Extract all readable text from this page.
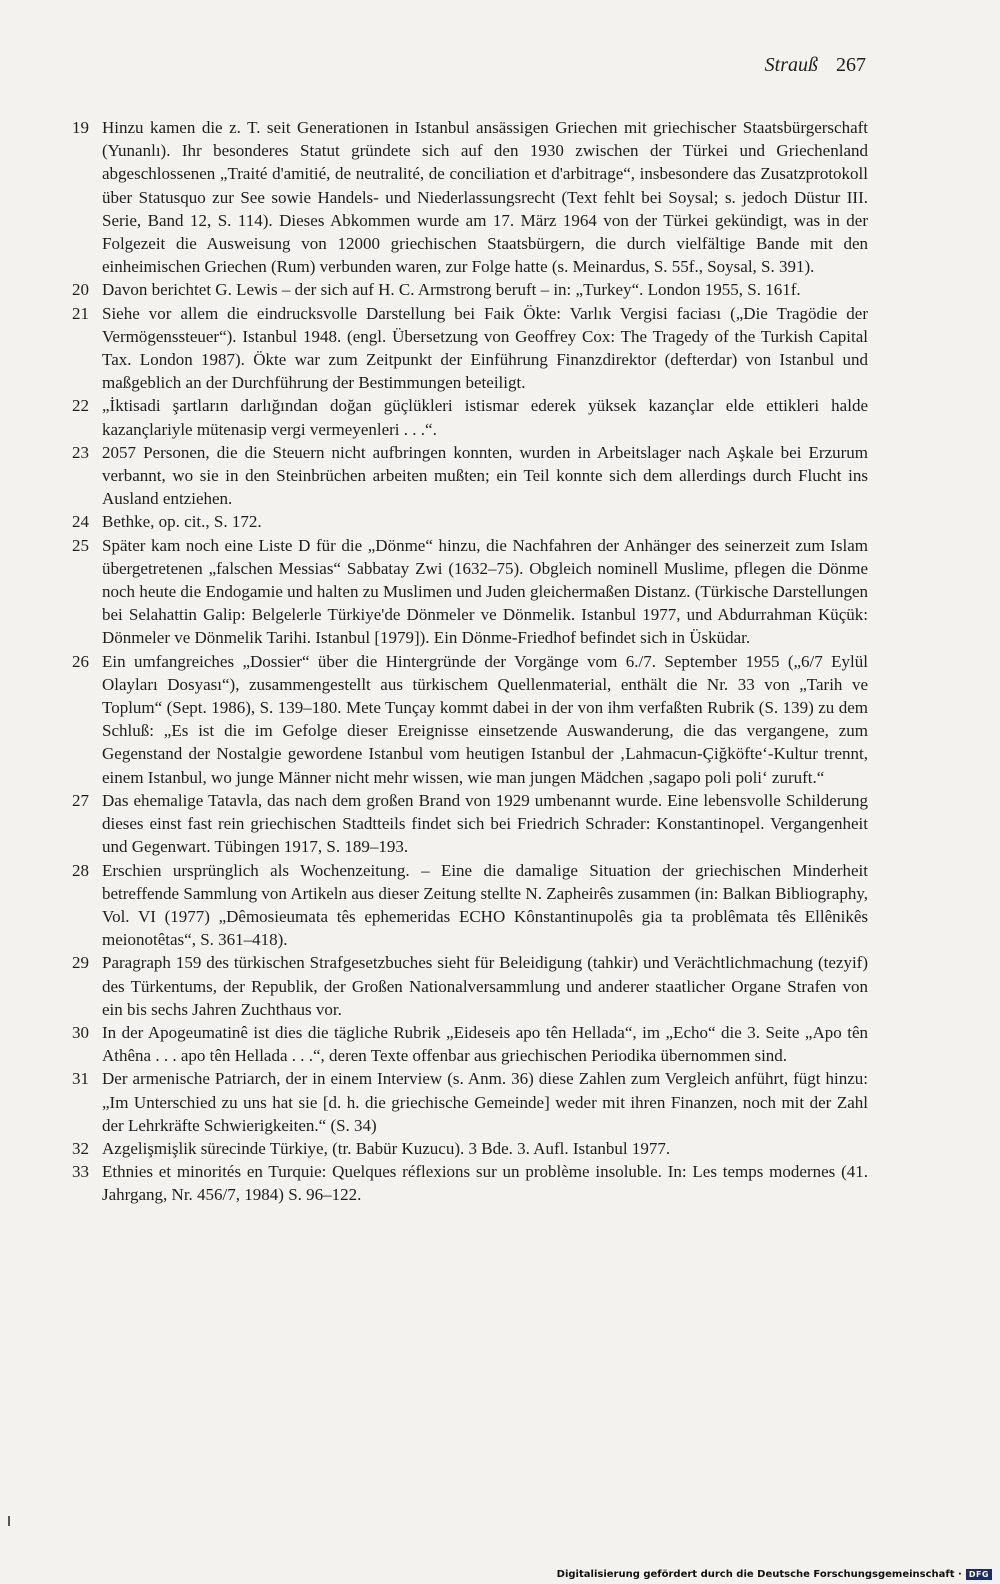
Strauß 267
19 Hinzu kamen die z. T. seit Generationen in Istanbul ansässigen Griechen mit griechischer Staatsbürgerschaft (Yunanlı). Ihr besonderes Statut gründete sich auf den 1930 zwischen der Türkei und Griechenland abgeschlossenen „Traité d'amitié, de neutralité, de conciliation et d'arbitrage“, insbesondere das Zusatzprotokoll über Statusquo zur See sowie Handels- und Niederlassungsrecht (Text fehlt bei Soysal; s. jedoch Düstur III. Serie, Band 12, S. 114). Dieses Abkommen wurde am 17. März 1964 von der Türkei gekündigt, was in der Folgezeit die Ausweisung von 12000 griechischen Staatsbürgern, die durch vielfältige Bande mit den einheimischen Griechen (Rum) verbunden waren, zur Folge hatte (s. Meinardus, S. 55f., Soysal, S. 391).
20 Davon berichtet G. Lewis – der sich auf H. C. Armstrong beruft – in: „Turkey“. London 1955, S. 161f.
21 Siehe vor allem die eindrucksvolle Darstellung bei Faik Ökte: Varlık Vergisi faciası („Die Tragödie der Vermögenssteuer“). Istanbul 1948. (engl. Übersetzung von Geoffrey Cox: The Tragedy of the Turkish Capital Tax. London 1987). Ökte war zum Zeitpunkt der Einführung Finanzdirektor (defterdar) von Istanbul und maßgeblich an der Durchführung der Bestimmungen beteiligt.
22 „İktisadi şartların darlığından doğan güçlükleri istismar ederek yüksek kazançlar elde ettikleri halde kazançlariyle mütenasip vergi vermeyenleri . . .“.
23 2057 Personen, die die Steuern nicht aufbringen konnten, wurden in Arbeitslager nach Aşkale bei Erzurum verbannt, wo sie in den Steinbrüchen arbeiten mußten; ein Teil konnte sich dem allerdings durch Flucht ins Ausland entziehen.
24 Bethke, op. cit., S. 172.
25 Später kam noch eine Liste D für die „Dönme“ hinzu, die Nachfahren der Anhänger des seinerzeit zum Islam übergetretenen „falschen Messias“ Sabbatay Zwi (1632–75). Obgleich nominell Muslime, pflegen die Dönme noch heute die Endogamie und halten zu Muslimen und Juden gleichermaßen Distanz. (Türkische Darstellungen bei Selahattin Galip: Belgelerle Türkiye'de Dönmeler ve Dönmelik. Istanbul 1977, und Abdurrahman Küçük: Dönmeler ve Dönmelik Tarihi. Istanbul [1979]). Ein Dönme-Friedhof befindet sich in Üsküdar.
26 Ein umfangreiches „Dossier“ über die Hintergründe der Vorgänge vom 6./7. September 1955 („6/7 Eylül Olayları Dosyası“), zusammengestellt aus türkischem Quellenmaterial, enthält die Nr. 33 von „Tarih ve Toplum“ (Sept. 1986), S. 139–180. Mete Tunçay kommt dabei in der von ihm verfaßten Rubrik (S. 139) zu dem Schluß: „Es ist die im Gefolge dieser Ereignisse einsetzende Auswanderung, die das vergangene, zum Gegenstand der Nostalgie gewordene Istanbul vom heutigen Istanbul der ‚Lahmacun-Çiğköfte‘-Kultur trennt, einem Istanbul, wo junge Männer nicht mehr wissen, wie man jungen Mädchen ‚sagapo poli poli‘ zuruft.“
27 Das ehemalige Tatavla, das nach dem großen Brand von 1929 umbenannt wurde. Eine lebensvolle Schilderung dieses einst fast rein griechischen Stadtteils findet sich bei Friedrich Schrader: Konstantinopel. Vergangenheit und Gegenwart. Tübingen 1917, S. 189–193.
28 Erschien ursprünglich als Wochenzeitung. – Eine die damalige Situation der griechischen Minderheit betreffende Sammlung von Artikeln aus dieser Zeitung stellte N. Zapheirês zusammen (in: Balkan Bibliography, Vol. VI (1977) „Dêmosieumata tês ephemeridas ECHO Kônstantinupolês gia ta problêmata tês Ellênikês meionotêtas“, S. 361–418).
29 Paragraph 159 des türkischen Strafgesetzbuches sieht für Beleidigung (tahkir) und Verächtlichmachung (tezyif) des Türkentums, der Republik, der Großen Nationalversammlung und anderer staatlicher Organe Strafen von ein bis sechs Jahren Zuchthaus vor.
30 In der Apogeumatinê ist dies die tägliche Rubrik „Eideseis apo tên Hellada“, im „Echo“ die 3. Seite „Apo tên Athêna . . . apo tên Hellada . . .“, deren Texte offenbar aus griechischen Periodika übernommen sind.
31 Der armenische Patriarch, der in einem Interview (s. Anm. 36) diese Zahlen zum Vergleich anführt, fügt hinzu: „Im Unterschied zu uns hat sie [d. h. die griechische Gemeinde] weder mit ihren Finanzen, noch mit der Zahl der Lehrkräfte Schwierigkeiten.“ (S. 34)
32 Azgelişmişlik sürecinde Türkiye, (tr. Babür Kuzucu). 3 Bde. 3. Aufl. Istanbul 1977.
33 Ethnies et minorités en Turquie: Quelques réflexions sur un problème insoluble. In: Les temps modernes (41. Jahrgang, Nr. 456/7, 1984) S. 96–122.
Digitalisierung gefördert durch die Deutsche Forschungsgemeinschaft · DFG
